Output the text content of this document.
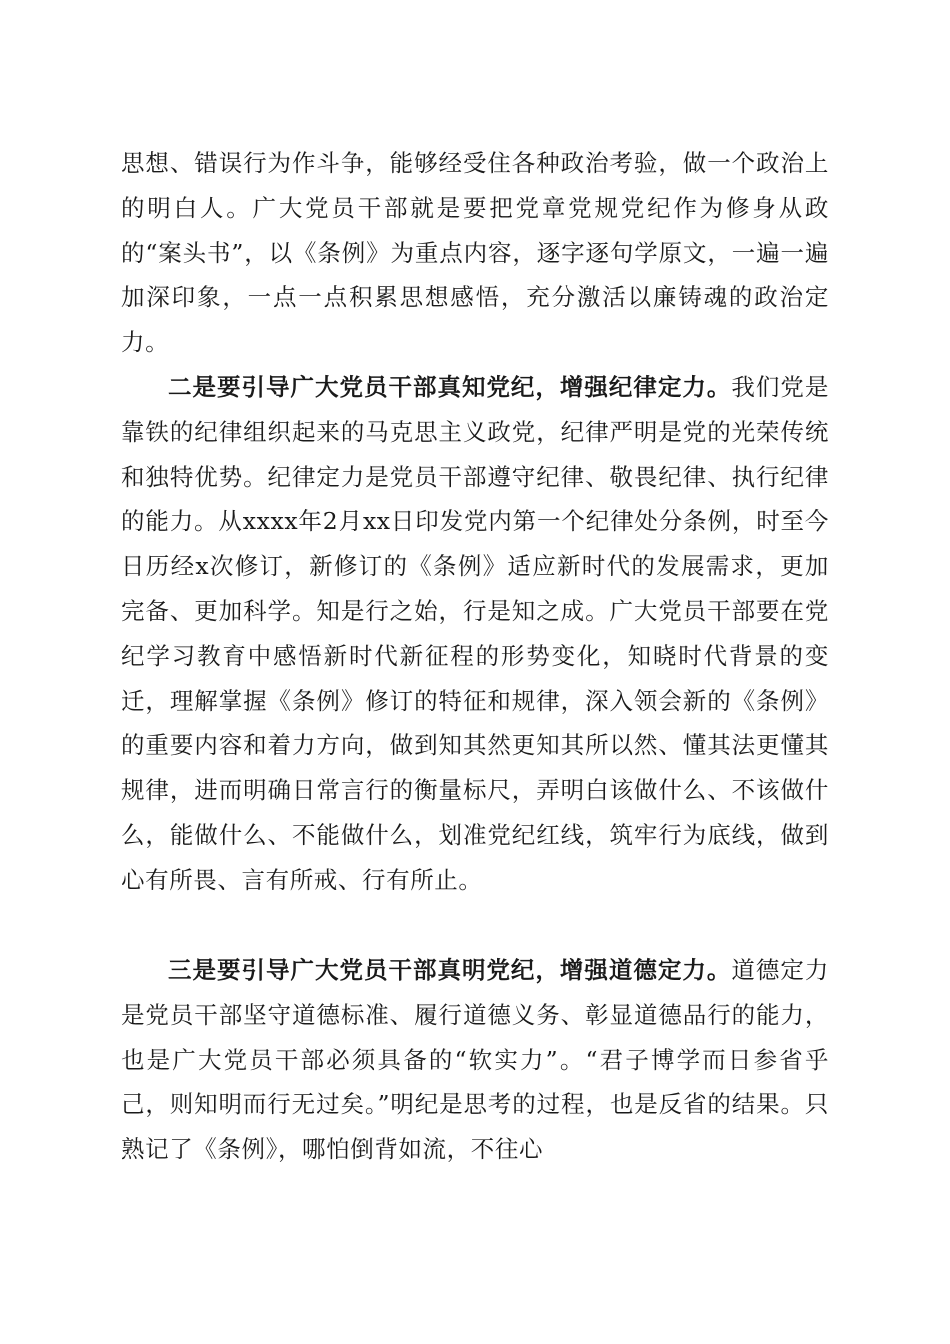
思想、错误行为作斗争，能够经受住各种政治考验，做一个政治上的明白人。广大党员干部就是要把党章党规党纪作为修身从政的“案头书”，以《条例》为重点内容，逐字逐句学原文，一遍一遍加深印象，一点一点积累思想感悟，充分激活以廉铸魂的政治定力。

二是要引导广大党员干部真知党纪，增强纪律定力。我们党是靠铁的纪律组织起来的马克思主义政党，纪律严明是党的光荣传统和独特优势。纪律定力是党员干部遵守纪律、敬畏纪律、执行纪律的能力。从xxxx年2月xx日印发党内第一个纪律处分条例，时至今日历经x次修订，新修订的《条例》适应新时代的发展需求，更加完备、更加科学。知是行之始，行是知之成。广大党员干部要在党纪学习教育中感悟新时代新征程的形势变化，知晓时代背景的变迁，理解掌握《条例》修订的特征和规律，深入领会新的《条例》的重要内容和着力方向，做到知其然更知其所以然、懂其法更懂其规律，进而明确日常言行的衡量标尺，弄明白该做什么、不该做什么，能做什么、不能做什么，划准党纪红线，筑牢行为底线，做到心有所畏、言有所戒、行有所止。

三是要引导广大党员干部真明党纪，增强道德定力。道德定力是党员干部坚守道德标准、履行道德义务、彰显道德品行的能力，也是广大党员干部必须具备的“软实力”。“君子博学而日参省乎己，则知明而行无过矣。”明纪是思考的过程，也是反省的结果。只熟记了《条例》，哪怕倒背如流，不往心
